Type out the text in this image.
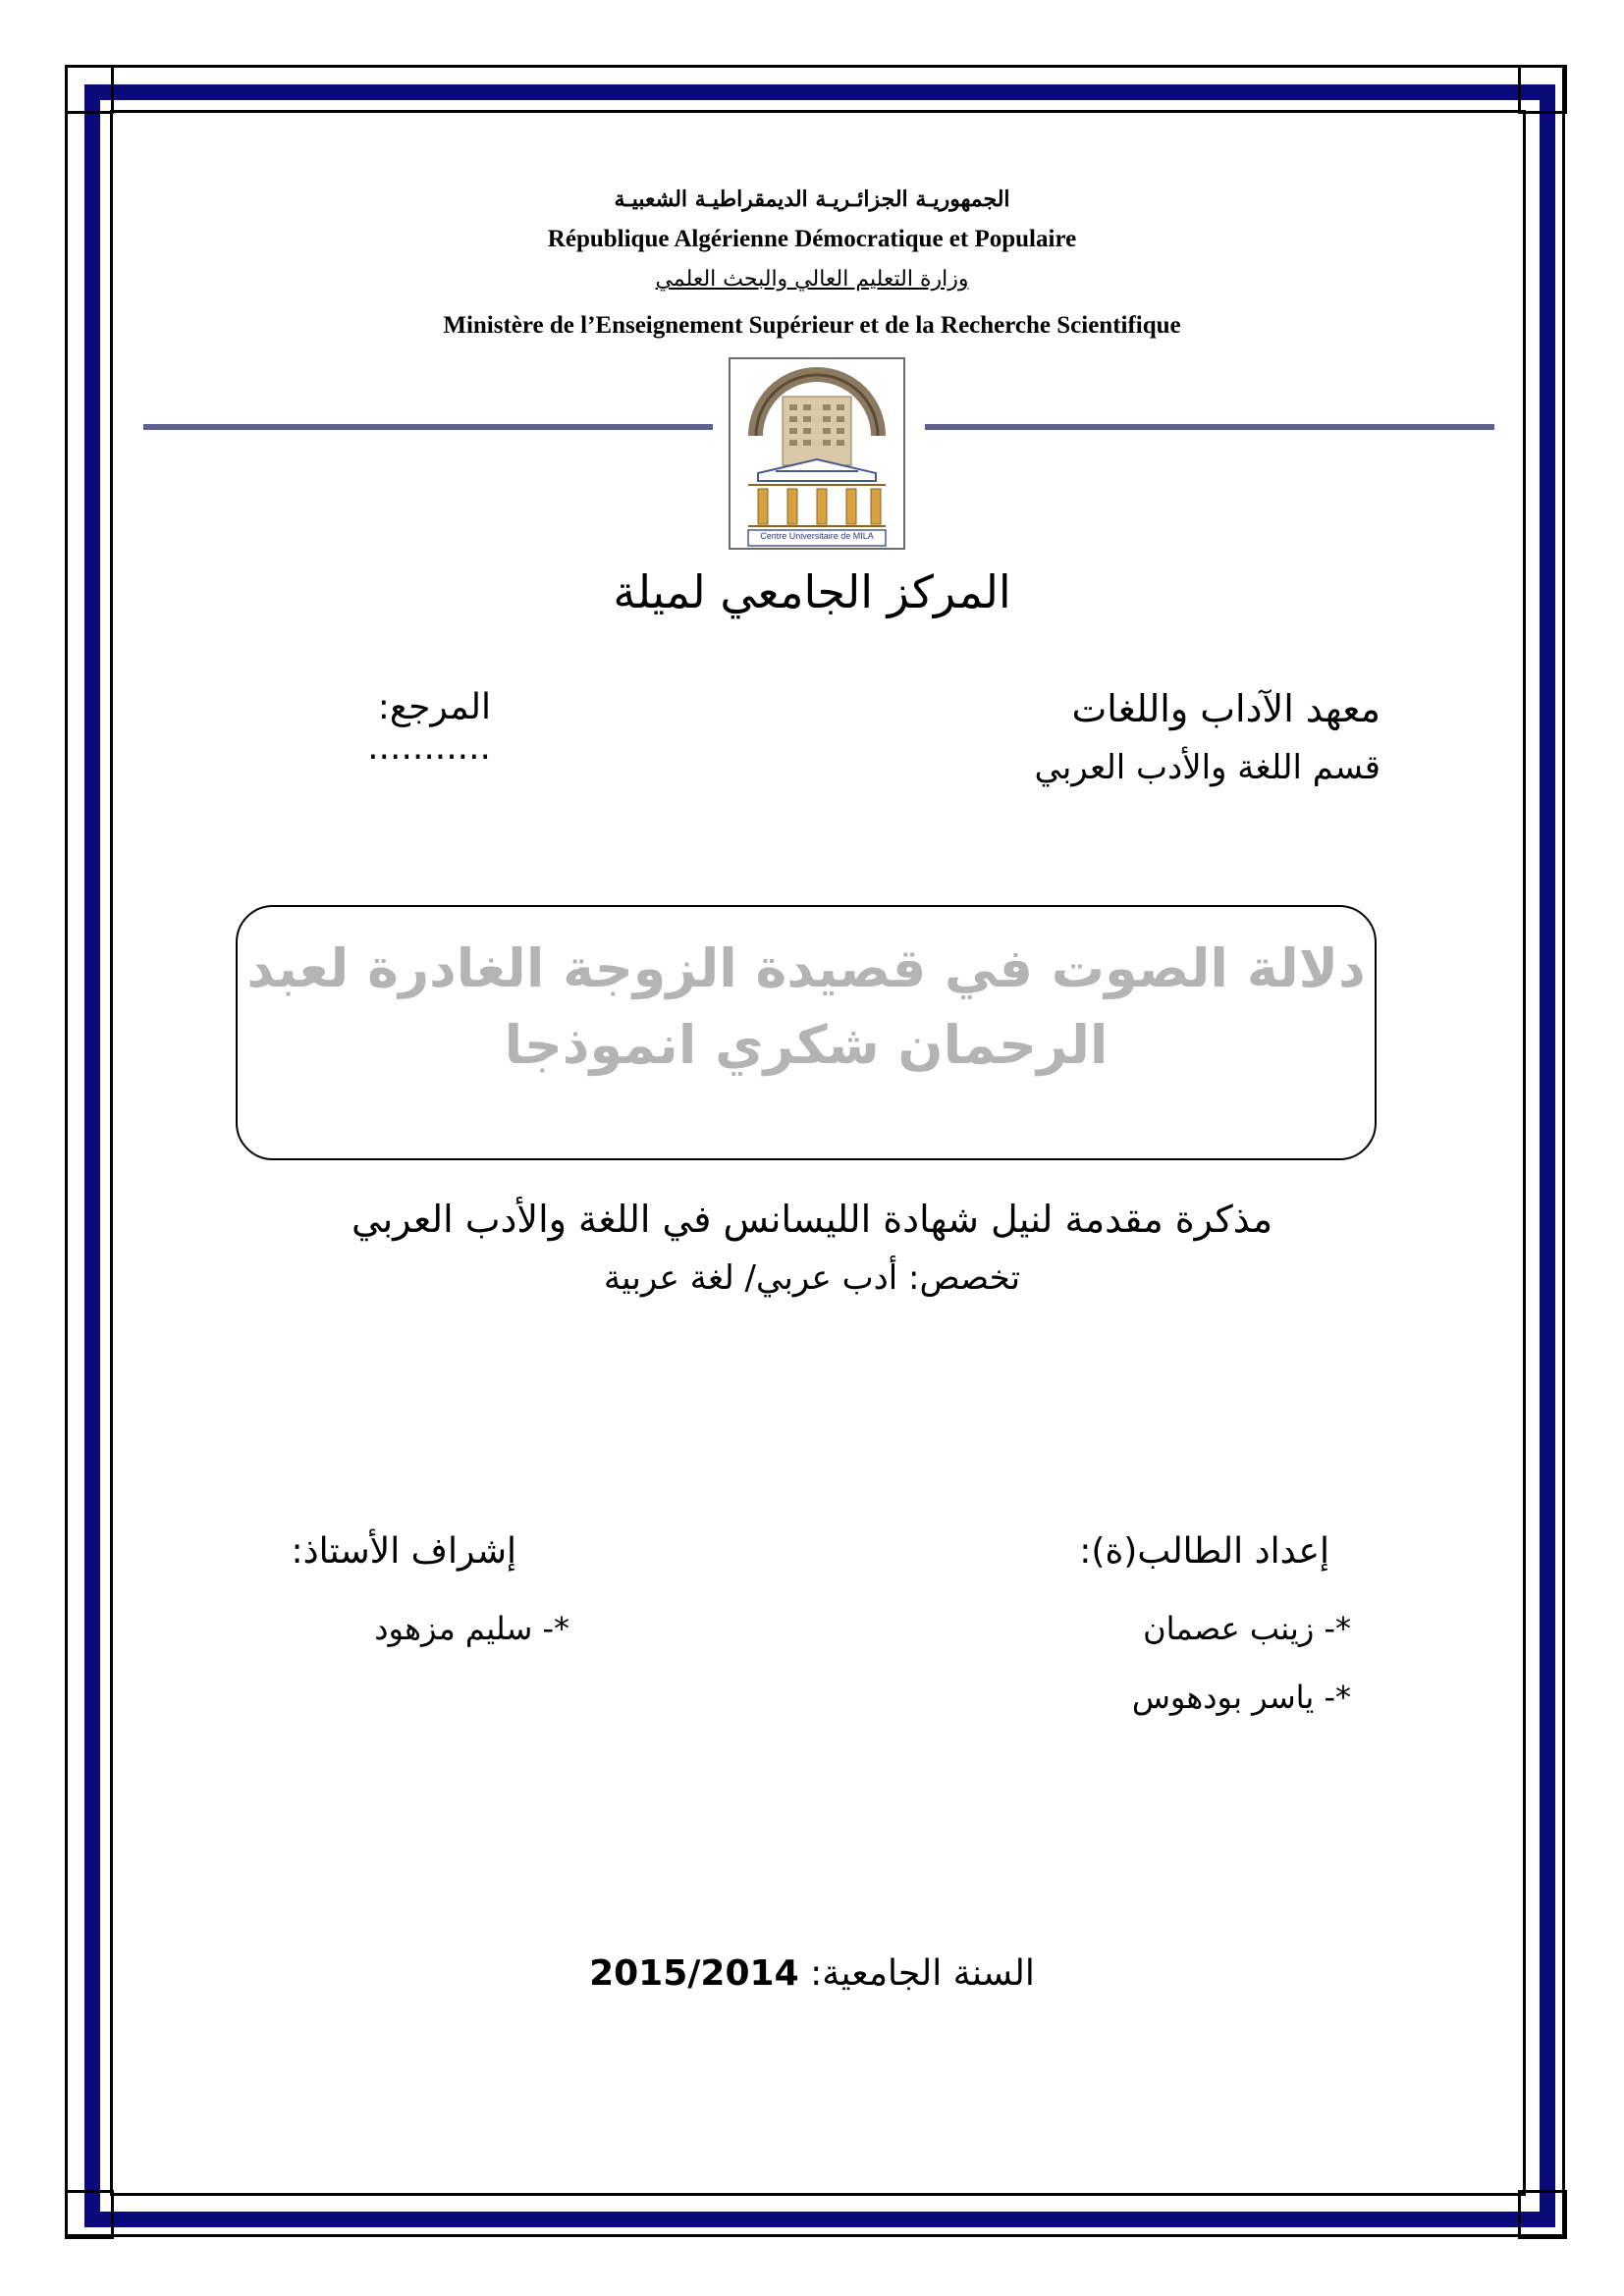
الجمهوريـة الجزائـريـة الديمقراطيـة الشعبيـة
République Algérienne Démocratique et Populaire
وزارة التعليم العالي والبحث العلمي
Ministère de l’Enseignement Supérieur et de la Recherche Scientifique
Centre Universitaire de MILA
المركز الجامعي لميلة
معهد الآداب واللغات
قسم اللغة والأدب العربي
المرجع: ...........
دلالة الصوت في قصيدة الزوجة الغادرة لعبد
الرحمان شكري انموذجا
مذكرة مقدمة لنيل شهادة الليسانس في اللغة والأدب العربي
تخصص: أدب عربي/ لغة عربية
إعداد الطالب(ة):
إشراف الأستاذ:
*- زينب عصمان
*- ياسر بودهوس
*- سليم مزهود
السنة الجامعية: 2015/2014
